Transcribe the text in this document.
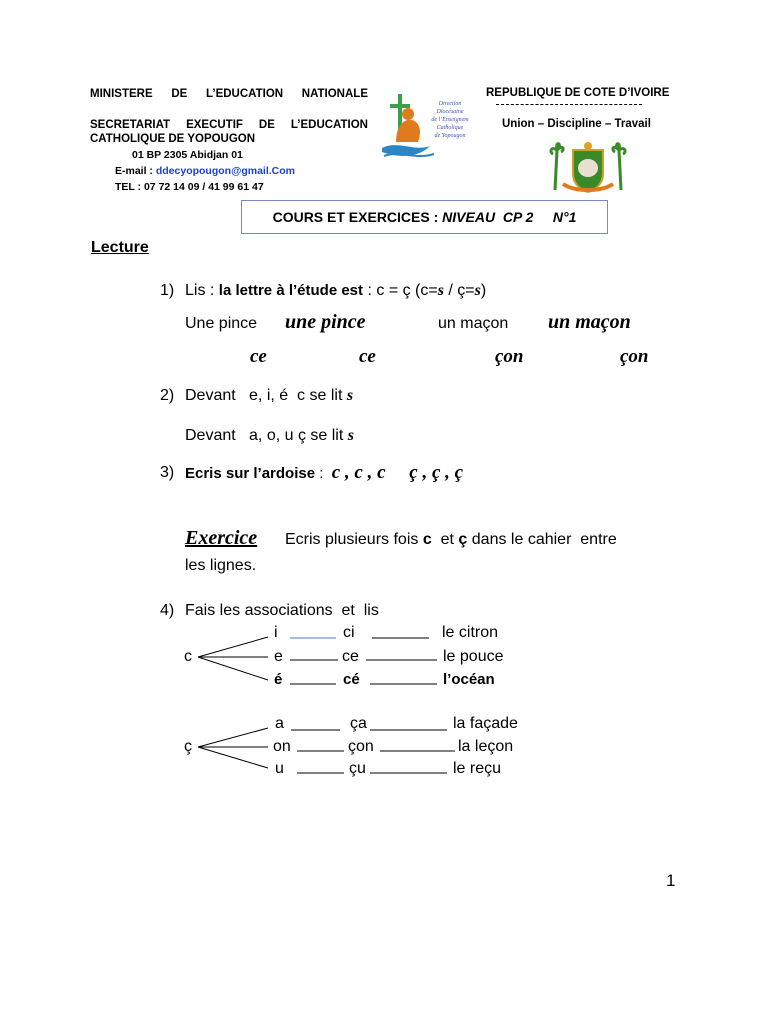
MINISTERE DE L’EDUCATION NATIONALE
SECRETARIAT EXECUTIF DE L’EDUCATION
CATHOLIQUE DE YOPOUGON
01 BP 2305 Abidjan 01
E-mail : ddecyopougon@gmail.Com
TEL : 07 72 14 09 / 41 99 61 47
Direction
Diocésaine
de l’Enseignem
Catholique
de Yopougon
REPUBLIQUE DE COTE D’IVOIRE
Union – Discipline – Travail
COURS ET EXERCICES : NIVEAU  CP 2     N°1
Lecture
1) Lis : la lettre à l’étude est : c = ç (c=s / ç=s)
Une pince une pince	un maçon un maçon
ce	ce	çon	çon
2) Devant   e, i, é  c se lit s
Devant   a, o, u ç se lit s
3) Ecris sur l’ardoise :  c , c , c     ç , ç , ç
Exercice Ecris plusieurs fois c  et ç dans le cahier  entre
les lignes.
4) Fais les associations  et  lis
c
i	ci	le citron
e	ce	le pouce
é	cé	l’océan
ç
a	ça	la façade
on	çon	la leçon
u	çu	le reçu
1
